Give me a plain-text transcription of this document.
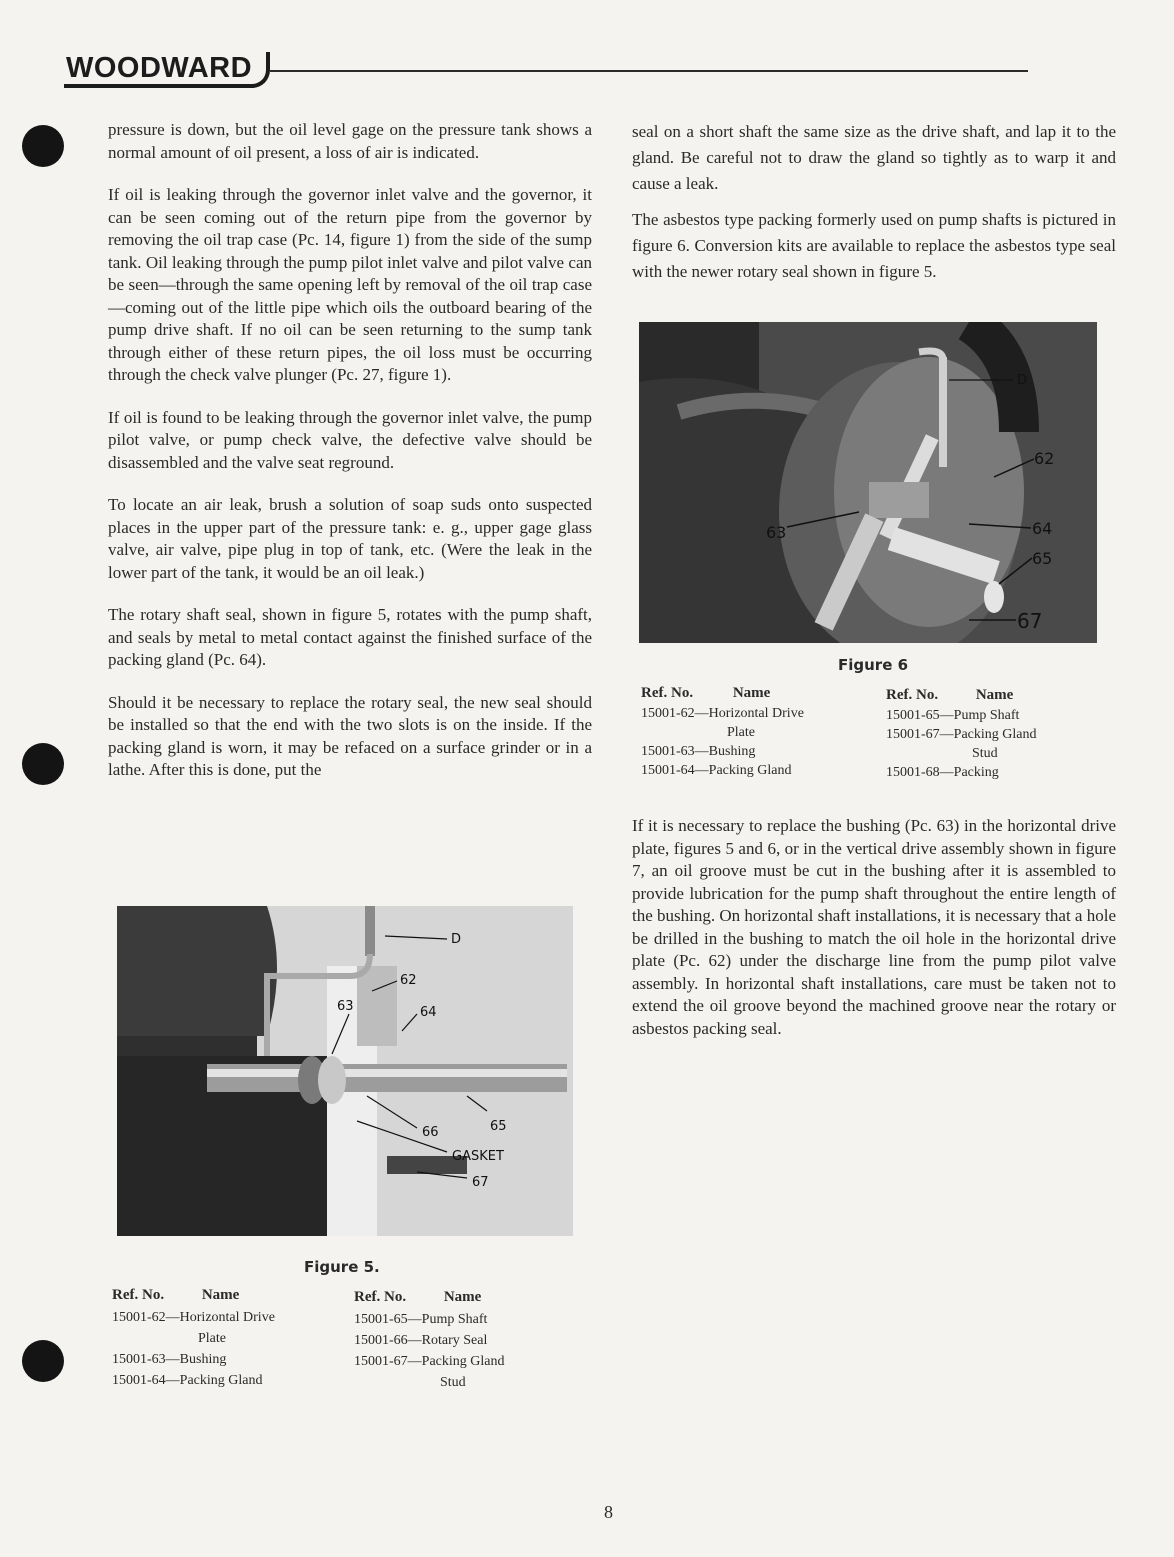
WOODWARD

pressure is down, but the oil level gage on the pressure tank shows a normal amount of oil present, a loss of air is indicated.

If oil is leaking through the governor inlet valve and the governor, it can be seen coming out of the return pipe from the governor by removing the oil trap case (Pc. 14, figure 1) from the side of the sump tank. Oil leaking through the pump pilot inlet valve and pilot valve can be seen—through the same opening left by removal of the oil trap case—coming out of the little pipe which oils the outboard bearing of the pump drive shaft. If no oil can be seen returning to the sump tank through either of these return pipes, the oil loss must be occurring through the check valve plunger (Pc. 27, figure 1).

If oil is found to be leaking through the governor inlet valve, the pump pilot valve, or pump check valve, the defective valve should be disassembled and the valve seat reground.

To locate an air leak, brush a solution of soap suds onto suspected places in the upper part of the pressure tank: e. g., upper gage glass valve, air valve, pipe plug in top of tank, etc. (Were the leak in the lower part of the tank, it would be an oil leak.)

The rotary shaft seal, shown in figure 5, rotates with the pump shaft, and seals by metal to metal contact against the finished surface of the packing gland (Pc. 64).

Should it be necessary to replace the rotary seal, the new seal should be installed so that the end with the two slots is on the inside. If the packing gland is worn, it may be refaced on a surface grinder or in a lathe. After this is done, put the

D
62
63	64
65
66
GASKET
67
Figure 5.
Ref. No.	Name
15001-62—Horizontal Drive
Plate
15001-63—Bushing
15001-64—Packing Gland
Ref. No.	Name
15001-65—Pump Shaft
15001-66—Rotary Seal
15001-67—Packing Gland
Stud

seal on a short shaft the same size as the drive shaft, and lap it to the gland. Be careful not to draw the gland so tightly as to warp it and cause a leak.

The asbestos type packing formerly used on pump shafts is pictured in figure 6. Conversion kits are available to replace the asbestos type seal with the newer rotary seal shown in figure 5.

D
62
63	64
65
67
Figure 6
Ref. No.	Name
15001-62—Horizontal Drive
Plate
15001-63—Bushing
15001-64—Packing Gland
Ref. No.	Name
15001-65—Pump Shaft
15001-67—Packing Gland
Stud
15001-68—Packing

If it is necessary to replace the bushing (Pc. 63) in the horizontal drive plate, figures 5 and 6, or in the vertical drive assembly shown in figure 7, an oil groove must be cut in the bushing after it is assembled to provide lubrication for the pump shaft throughout the entire length of the bushing. On horizontal shaft installations, it is necessary that a hole be drilled in the bushing to match the oil hole in the horizontal drive plate (Pc. 62) under the discharge line from the pump pilot valve assembly. In horizontal shaft installations, care must be taken not to extend the oil groove beyond the machined groove near the rotary or asbestos packing seal.

8
